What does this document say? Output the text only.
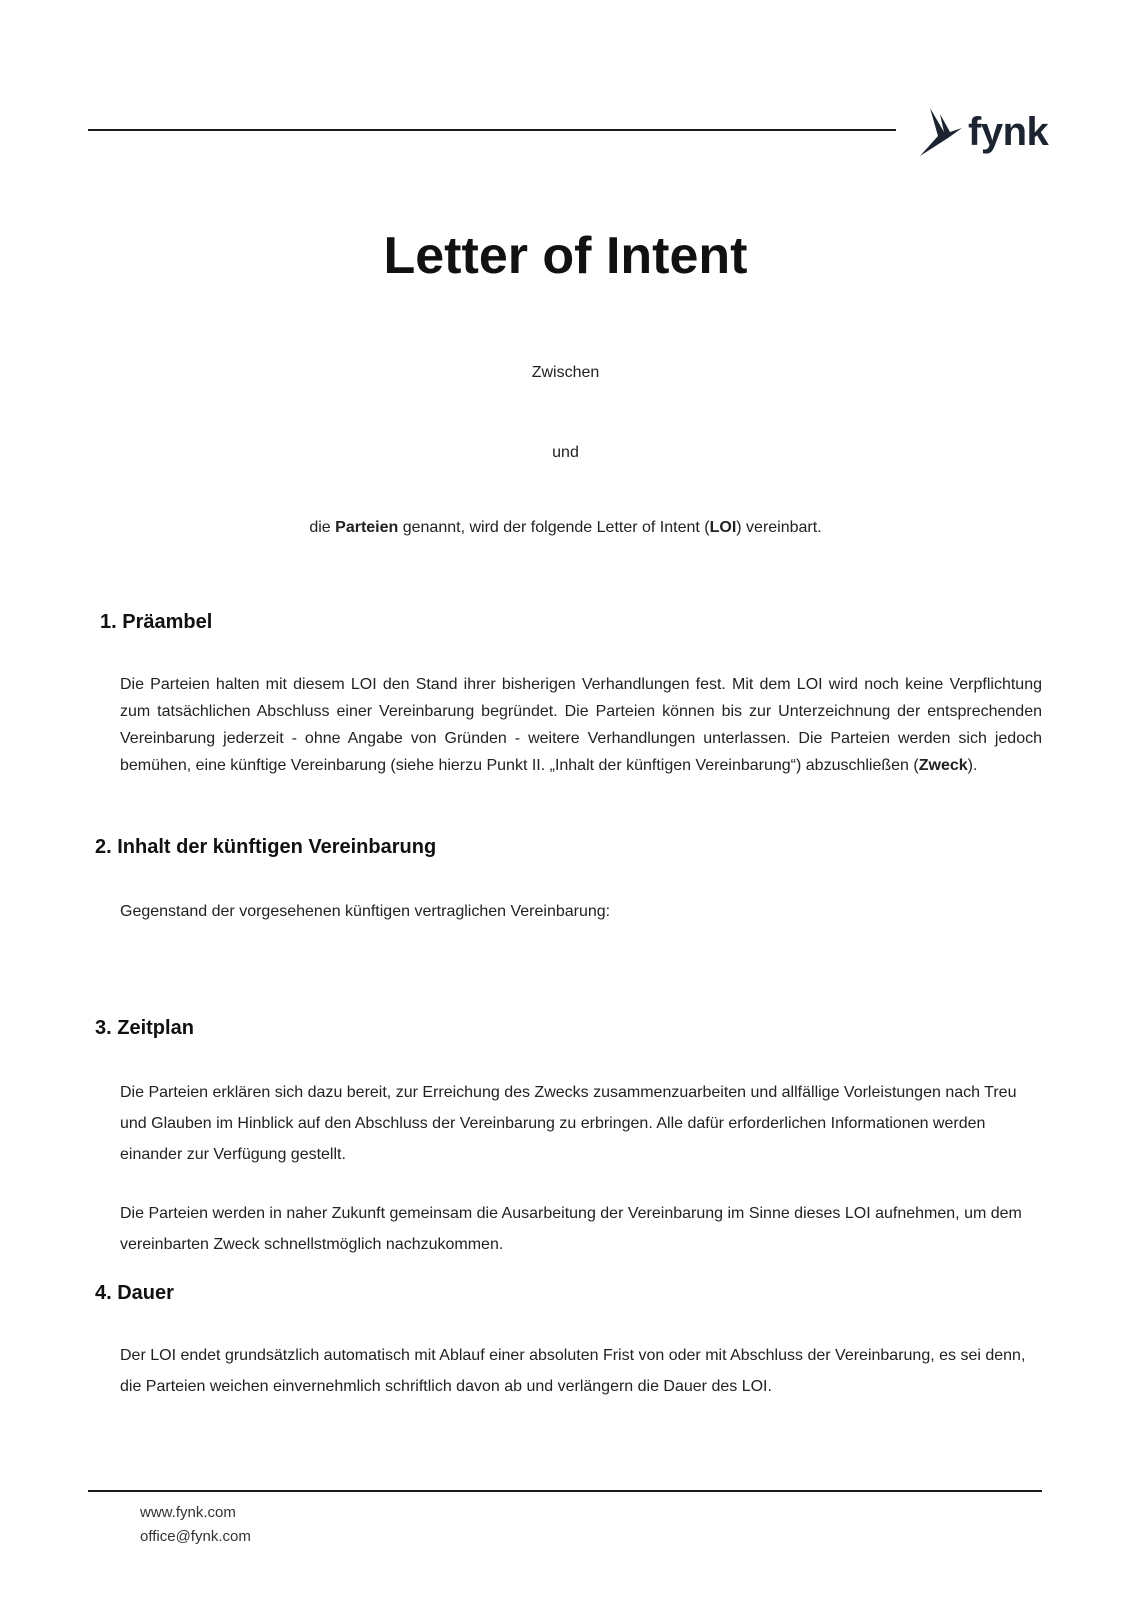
fynk
Letter of Intent
Zwischen
und
die Parteien genannt, wird der folgende Letter of Intent (LOI) vereinbart.
1. Präambel
Die Parteien halten mit diesem LOI den Stand ihrer bisherigen Verhandlungen fest. Mit dem LOI wird noch keine Verpflichtung zum tatsächlichen Abschluss einer Vereinbarung begründet. Die Parteien können bis zur Unterzeichnung der entsprechenden Vereinbarung jederzeit - ohne Angabe von Gründen - weitere Verhandlungen unterlassen. Die Parteien werden sich jedoch bemühen, eine künftige Vereinbarung (siehe hierzu Punkt II. „Inhalt der künftigen Vereinbarung“) abzuschließen (Zweck).
2. Inhalt der künftigen Vereinbarung
Gegenstand der vorgesehenen künftigen vertraglichen Vereinbarung:
3. Zeitplan
Die Parteien erklären sich dazu bereit, zur Erreichung des Zwecks zusammenzuarbeiten und allfällige Vorleistungen nach Treu und Glauben im Hinblick auf den Abschluss der Vereinbarung zu erbringen. Alle dafür erforderlichen Informationen werden einander zur Verfügung gestellt.
Die Parteien werden in naher Zukunft gemeinsam die Ausarbeitung der Vereinbarung im Sinne dieses LOI aufnehmen, um dem vereinbarten Zweck schnellstmöglich nachzukommen.
4. Dauer
Der LOI endet grundsätzlich automatisch mit Ablauf einer absoluten Frist von oder mit Abschluss der Vereinbarung, es sei denn, die Parteien weichen einvernehmlich schriftlich davon ab und verlängern die Dauer des LOI.
www.fynk.com
office@fynk.com
